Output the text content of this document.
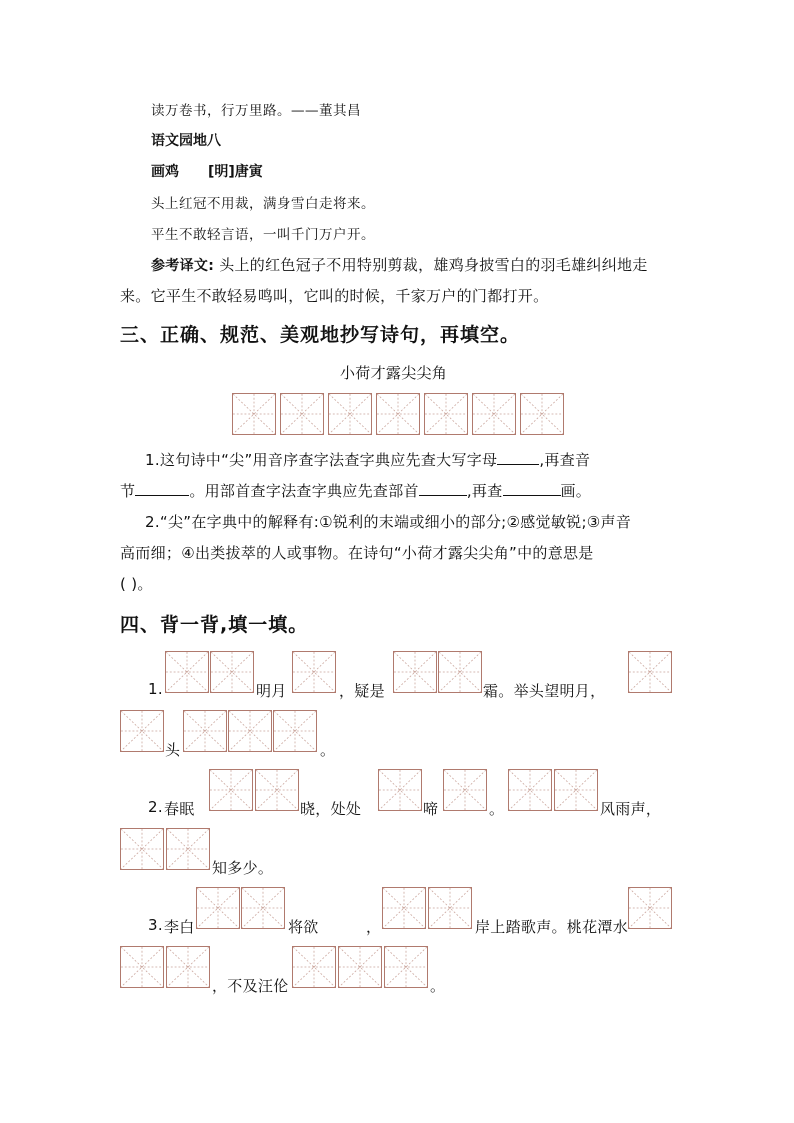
读万卷书，行万里路。——董其昌
语文园地八
画鸡 [明]唐寅
头上红冠不用裁，满身雪白走将来。
平生不敢轻言语，一叫千门万户开。
参考译文: 头上的红色冠子不用特别剪裁，雄鸡身披雪白的羽毛雄纠纠地走
来。它平生不敢轻易鸣叫，它叫的时候，千家万户的门都打开。
三、正确、规范、美观地抄写诗句，再填空。
小荷才露尖尖角
1.这句诗中“尖”用音序查字法查字典应先查大写字母	,再查音
节	。用部首查字法查字典应先查部首	,再查	画。
2.“尖”在字典中的解释有:①锐利的末端或细小的部分;②感觉敏锐;③声音
高而细；④出类拔萃的人或事物。在诗句“小荷才露尖尖角”中的意思是
( )。
四、背一背,填一填。
1.	明月	，疑是	霜。举头望明月，
头	。
2. 春眠	晓，处处	啼	。	风雨声，
知多少。
3. 李白	将欲	，	岸上踏歌声。桃花潭水
，不及汪伦	。
